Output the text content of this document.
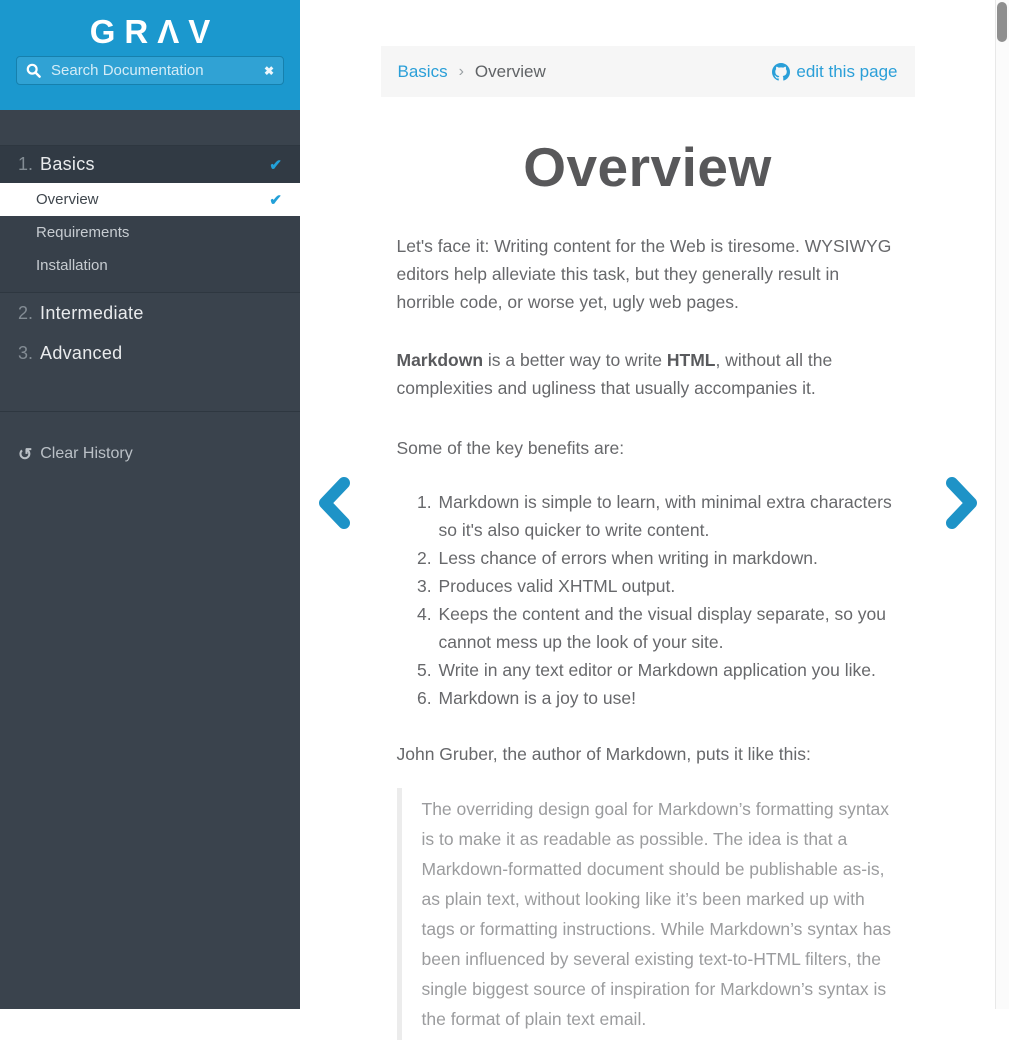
GRΛV
Search Documentation
✖
1. Basics	✔
Overview	✔
Requirements
Installation
2. Intermediate
3. Advanced
↺ Clear History
Basics › Overview	edit this page
Overview

Let's face it: Writing content for the Web is tiresome. WYSIWYG editors help alleviate this task, but they generally result in horrible code, or worse yet, ugly web pages.

Markdown is a better way to write HTML, without all the complexities and ugliness that usually accompanies it.

Some of the key benefits are:

1. Markdown is simple to learn, with minimal extra characters so it's also quicker to write content.
2. Less chance of errors when writing in markdown.
3. Produces valid XHTML output.
4. Keeps the content and the visual display separate, so you cannot mess up the look of your site.
5. Write in any text editor or Markdown application you like.
6. Markdown is a joy to use!

John Gruber, the author of Markdown, puts it like this:

The overriding design goal for Markdown’s formatting syntax is to make it as readable as possible. The idea is that a Markdown-formatted document should be publishable as-is, as plain text, without looking like it’s been marked up with tags or formatting instructions. While Markdown’s syntax has been influenced by several existing text-to-HTML filters, the single biggest source of inspiration for Markdown’s syntax is the format of plain text email.
